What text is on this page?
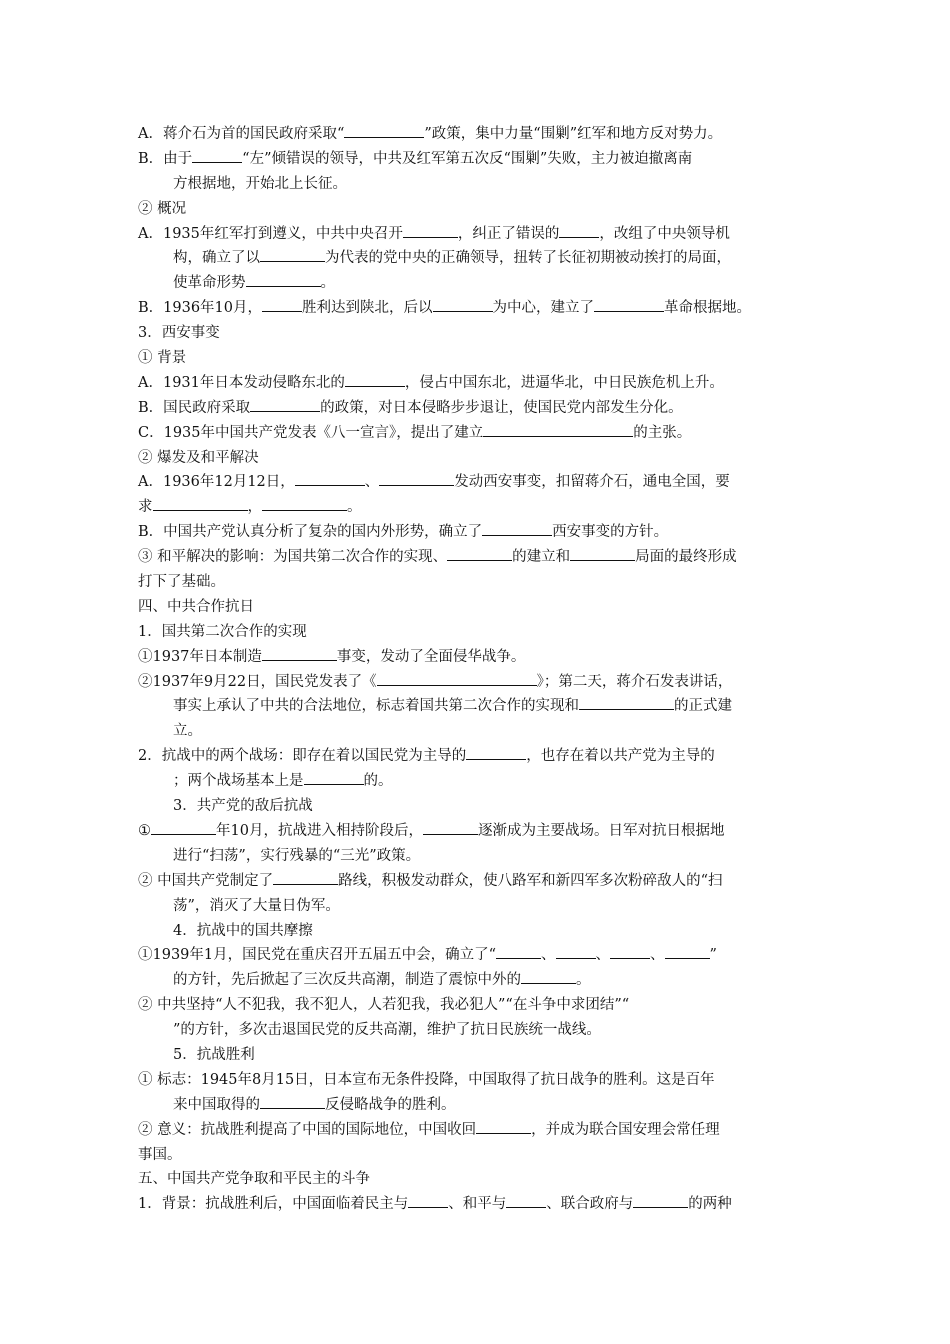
A．蒋介石为首的国民政府采取“	”政策，集中力量“围剿”红军和地方反对势力。
B．由于	“左”倾错误的领导，中共及红军第五次反“围剿”失败，主力被迫撤离南
方根据地，开始北上长征。
② 概况
A．1935年红军打到遵义，中共中央召开	，纠正了错误的	，改组了中央领导机
构，确立了以	为代表的党中央的正确领导，扭转了长征初期被动挨打的局面，
使革命形势	。
B．1936年10月，	胜利达到陕北，后以	为中心，建立了	革命根据地。
3．西安事变
① 背景
A．1931年日本发动侵略东北的	，侵占中国东北，进逼华北，中日民族危机上升。
B．国民政府采取	的政策，对日本侵略步步退让，使国民党内部发生分化。
C．1935年中国共产党发表《八一宣言》，提出了建立	的主张。
② 爆发及和平解决
A．1936年12月12日，	、	发动西安事变，扣留蒋介石，通电全国，要
求	，	。
B．中国共产党认真分析了复杂的国内外形势，确立了	西安事变的方针。
③ 和平解决的影响：为国共第二次合作的实现、	的建立和	局面的最终形成
打下了基础。
四、中共合作抗日
1．国共第二次合作的实现
①1937年日本制造	事变，发动了全面侵华战争。
②1937年9月22日，国民党发表了《	》；第二天，蒋介石发表讲话，
事实上承认了中共的合法地位，标志着国共第二次合作的实现和	的正式建
立。
2．抗战中的两个战场：即存在着以国民党为主导的	，也存在着以共产党为主导的
；两个战场基本上是	的。
3．共产党的敌后抗战
①	年10月，抗战进入相持阶段后，	逐渐成为主要战场。日军对抗日根据地
进行“扫荡”，实行残暴的“三光”政策。
② 中国共产党制定了	路线，积极发动群众，使八路军和新四军多次粉碎敌人的“扫
荡”，消灭了大量日伪军。
4．抗战中的国共摩擦
①1939年1月，国民党在重庆召开五届五中会，确立了“	、	、	、	”
的方针，先后掀起了三次反共高潮，制造了震惊中外的	。
② 中共坚持“人不犯我，我不犯人，人若犯我，我必犯人”“在斗争中求团结”“
”的方针，多次击退国民党的反共高潮，维护了抗日民族统一战线。
5．抗战胜利
① 标志：1945年8月15日，日本宣布无条件投降，中国取得了抗日战争的胜利。这是百年
来中国取得的	反侵略战争的胜利。
② 意义：抗战胜利提高了中国的国际地位，中国收回	，并成为联合国安理会常任理
事国。
五、中国共产党争取和平民主的斗争
1．背景：抗战胜利后，中国面临着民主与	、和平与	、联合政府与	的两种
